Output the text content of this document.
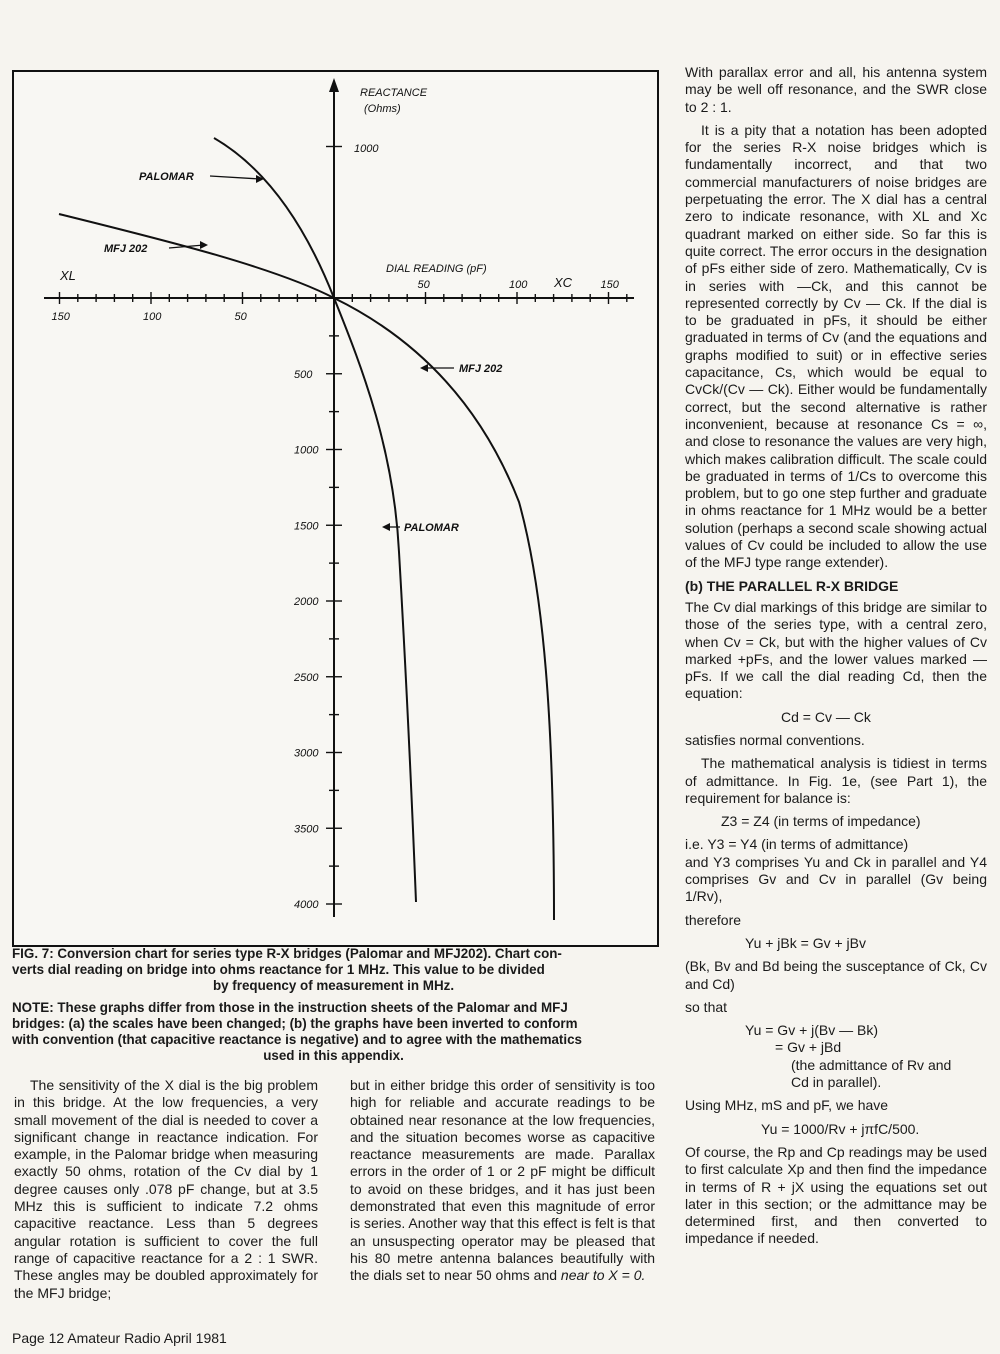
REACTANCE
(Ohms)
1000
PALOMAR
MFJ 202
DIAL READING (pF)
XL	XC
MFJ 202
PALOMAR
150	100	50
50	100	150
500
1000
1500
2000
2500
3000
3500
4000
FIG. 7: Conversion chart for series type R-X bridges (Palomar and MFJ202). Chart con-
verts dial reading on bridge into ohms reactance for 1 MHz. This value to be divided

by frequency of measurement in MHz.
NOTE: These graphs differ from those in the instruction sheets of the Palomar and MFJ
bridges: (a) the scales have been changed; (b) the graphs have been inverted to conform
with convention (that capacitive reactance is negative) and to agree with the mathematics

used in this appendix.

The sensitivity of the X dial is the big problem in this bridge. At the low frequencies, a very small movement of the dial is needed to cover a significant change in reactance indication. For example, in the Palomar bridge when measuring exactly 50 ohms, rotation of the Cv dial by 1 degree causes only .078 pF change, but at 3.5 MHz this is sufficient to indicate 7.2 ohms capacitive reactance. Less than 5 degrees angular rotation is sufficient to cover the full range of capacitive reactance for a 2 : 1 SWR. These angles may be doubled approximately for the MFJ bridge;

but in either bridge this order of sensitivity is too high for reliable and accurate readings to be obtained near resonance at the low frequencies, and the situation becomes worse as capacitive reactance measurements are made. Parallax errors in the order of 1 or 2 pF might be difficult to avoid on these bridges, and it has just been demonstrated that even this magnitude of error is series. Another way that this effect is felt is that an unsuspecting operator may be pleased that his 80 metre antenna balances beautifully with the dials set to near 50 ohms and near to X = 0.

With parallax error and all, his antenna system may be well off resonance, and the SWR close to 2 : 1.

It is a pity that a notation has been adopted for the series R-X noise bridges which is fundamentally incorrect, and that two commercial manufacturers of noise bridges are perpetuating the error. The X dial has a central zero to indicate resonance, with XL and Xc quadrant marked on either side. So far this is quite correct. The error occurs in the designation of pFs either side of zero. Mathematically, Cv is in series with —Ck, and this cannot be represented correctly by Cv — Ck. If the dial is to be graduated in pFs, it should be either graduated in terms of Cv (and the equations and graphs modified to suit) or in effective series capacitance, Cs, which would be equal to CvCk/(Cv — Ck). Either would be fundamentally correct, but the second alternative is rather inconvenient, because at resonance Cs = ∞, and close to resonance the values are very high, which makes calibration difficult. The scale could be graduated in terms of 1/Cs to overcome this problem, but to go one step further and graduate in ohms reactance for 1 MHz would be a better solution (perhaps a second scale showing actual values of Cv could be included to allow the use of the MFJ type range extender).

(b) THE PARALLEL R-X BRIDGE

The Cv dial markings of this bridge are similar to those of the series type, with a central zero, when Cv = Ck, but with the higher values of Cv marked +pFs, and the lower values marked —pFs. If we call the dial reading Cd, then the equation:

Cd = Cv — Ck

satisfies normal conventions.

The mathematical analysis is tidiest in terms of admittance. In Fig. 1e, (see Part 1), the requirement for balance is:

Z3 = Z4 (in terms of impedance)

i.e. Y3 = Y4 (in terms of admittance)

and Y3 comprises Yu and Ck in parallel and Y4 comprises Gv and Cv in parallel (Gv being 1/Rv),

therefore

Yu + jBk = Gv + jBv

(Bk, Bv and Bd being the susceptance of Ck, Cv and Cd)

so that

Yu = Gv + j(Bv — Bk)

= Gv + jBd

(the admittance of Rv and

Cd in parallel).

Using MHz, mS and pF, we have

Yu = 1000/Rv + jπfC/500.

Of course, the Rp and Cp readings may be used to first calculate Xp and then find the impedance in terms of R + jX using the equations set out later in this section; or the admittance may be determined first, and then converted to impedance if needed.

Page 12 Amateur Radio April 1981
